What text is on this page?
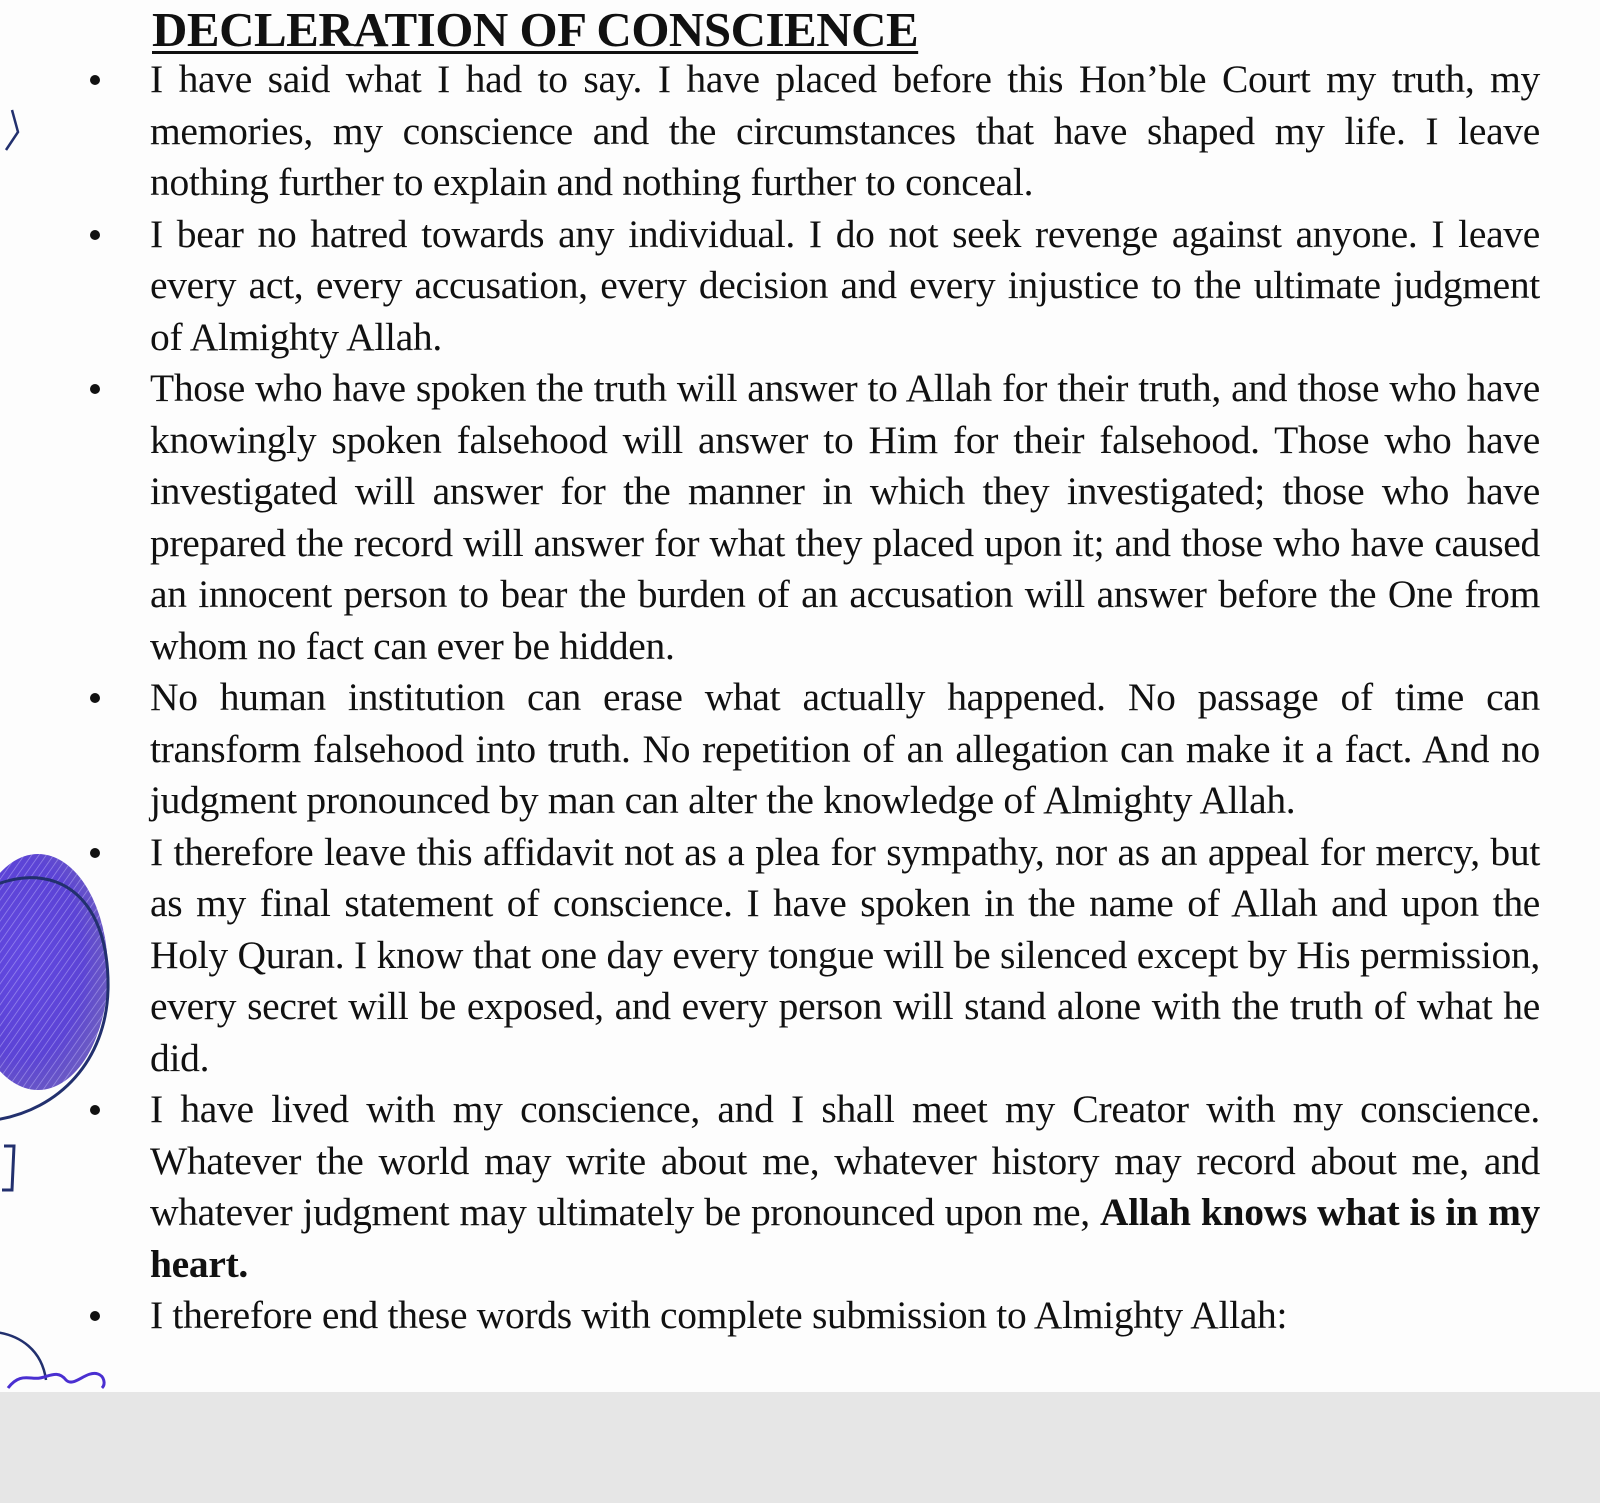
DECLERATION OF CONSCIENCE
I have said what I had to say. I have placed before this Hon’ble Court my truth, my memories, my conscience and the circumstances that have shaped my life. I leave nothing further to explain and nothing further to conceal.
I bear no hatred towards any individual. I do not seek revenge against anyone. I leave every act, every accusation, every decision and every injustice to the ultimate judgment of Almighty Allah.
Those who have spoken the truth will answer to Allah for their truth, and those who have knowingly spoken falsehood will answer to Him for their falsehood. Those who have investigated will answer for the manner in which they investigated; those who have prepared the record will answer for what they placed upon it; and those who have caused an innocent person to bear the burden of an accusation will answer before the One from whom no fact can ever be hidden.
No human institution can erase what actually happened. No passage of time can transform falsehood into truth. No repetition of an allegation can make it a fact. And no judgment pronounced by man can alter the knowledge of Almighty Allah.
I therefore leave this affidavit not as a plea for sympathy, nor as an appeal for mercy, but as my final statement of conscience. I have spoken in the name of Allah and upon the Holy Quran. I know that one day every tongue will be silenced except by His permission, every secret will be exposed, and every person will stand alone with the truth of what he did.
I have lived with my conscience, and I shall meet my Creator with my conscience. Whatever the world may write about me, whatever history may record about me, and whatever judgment may ultimately be pronounced upon me, Allah knows what is in my heart.
I therefore end these words with complete submission to Almighty Allah:
